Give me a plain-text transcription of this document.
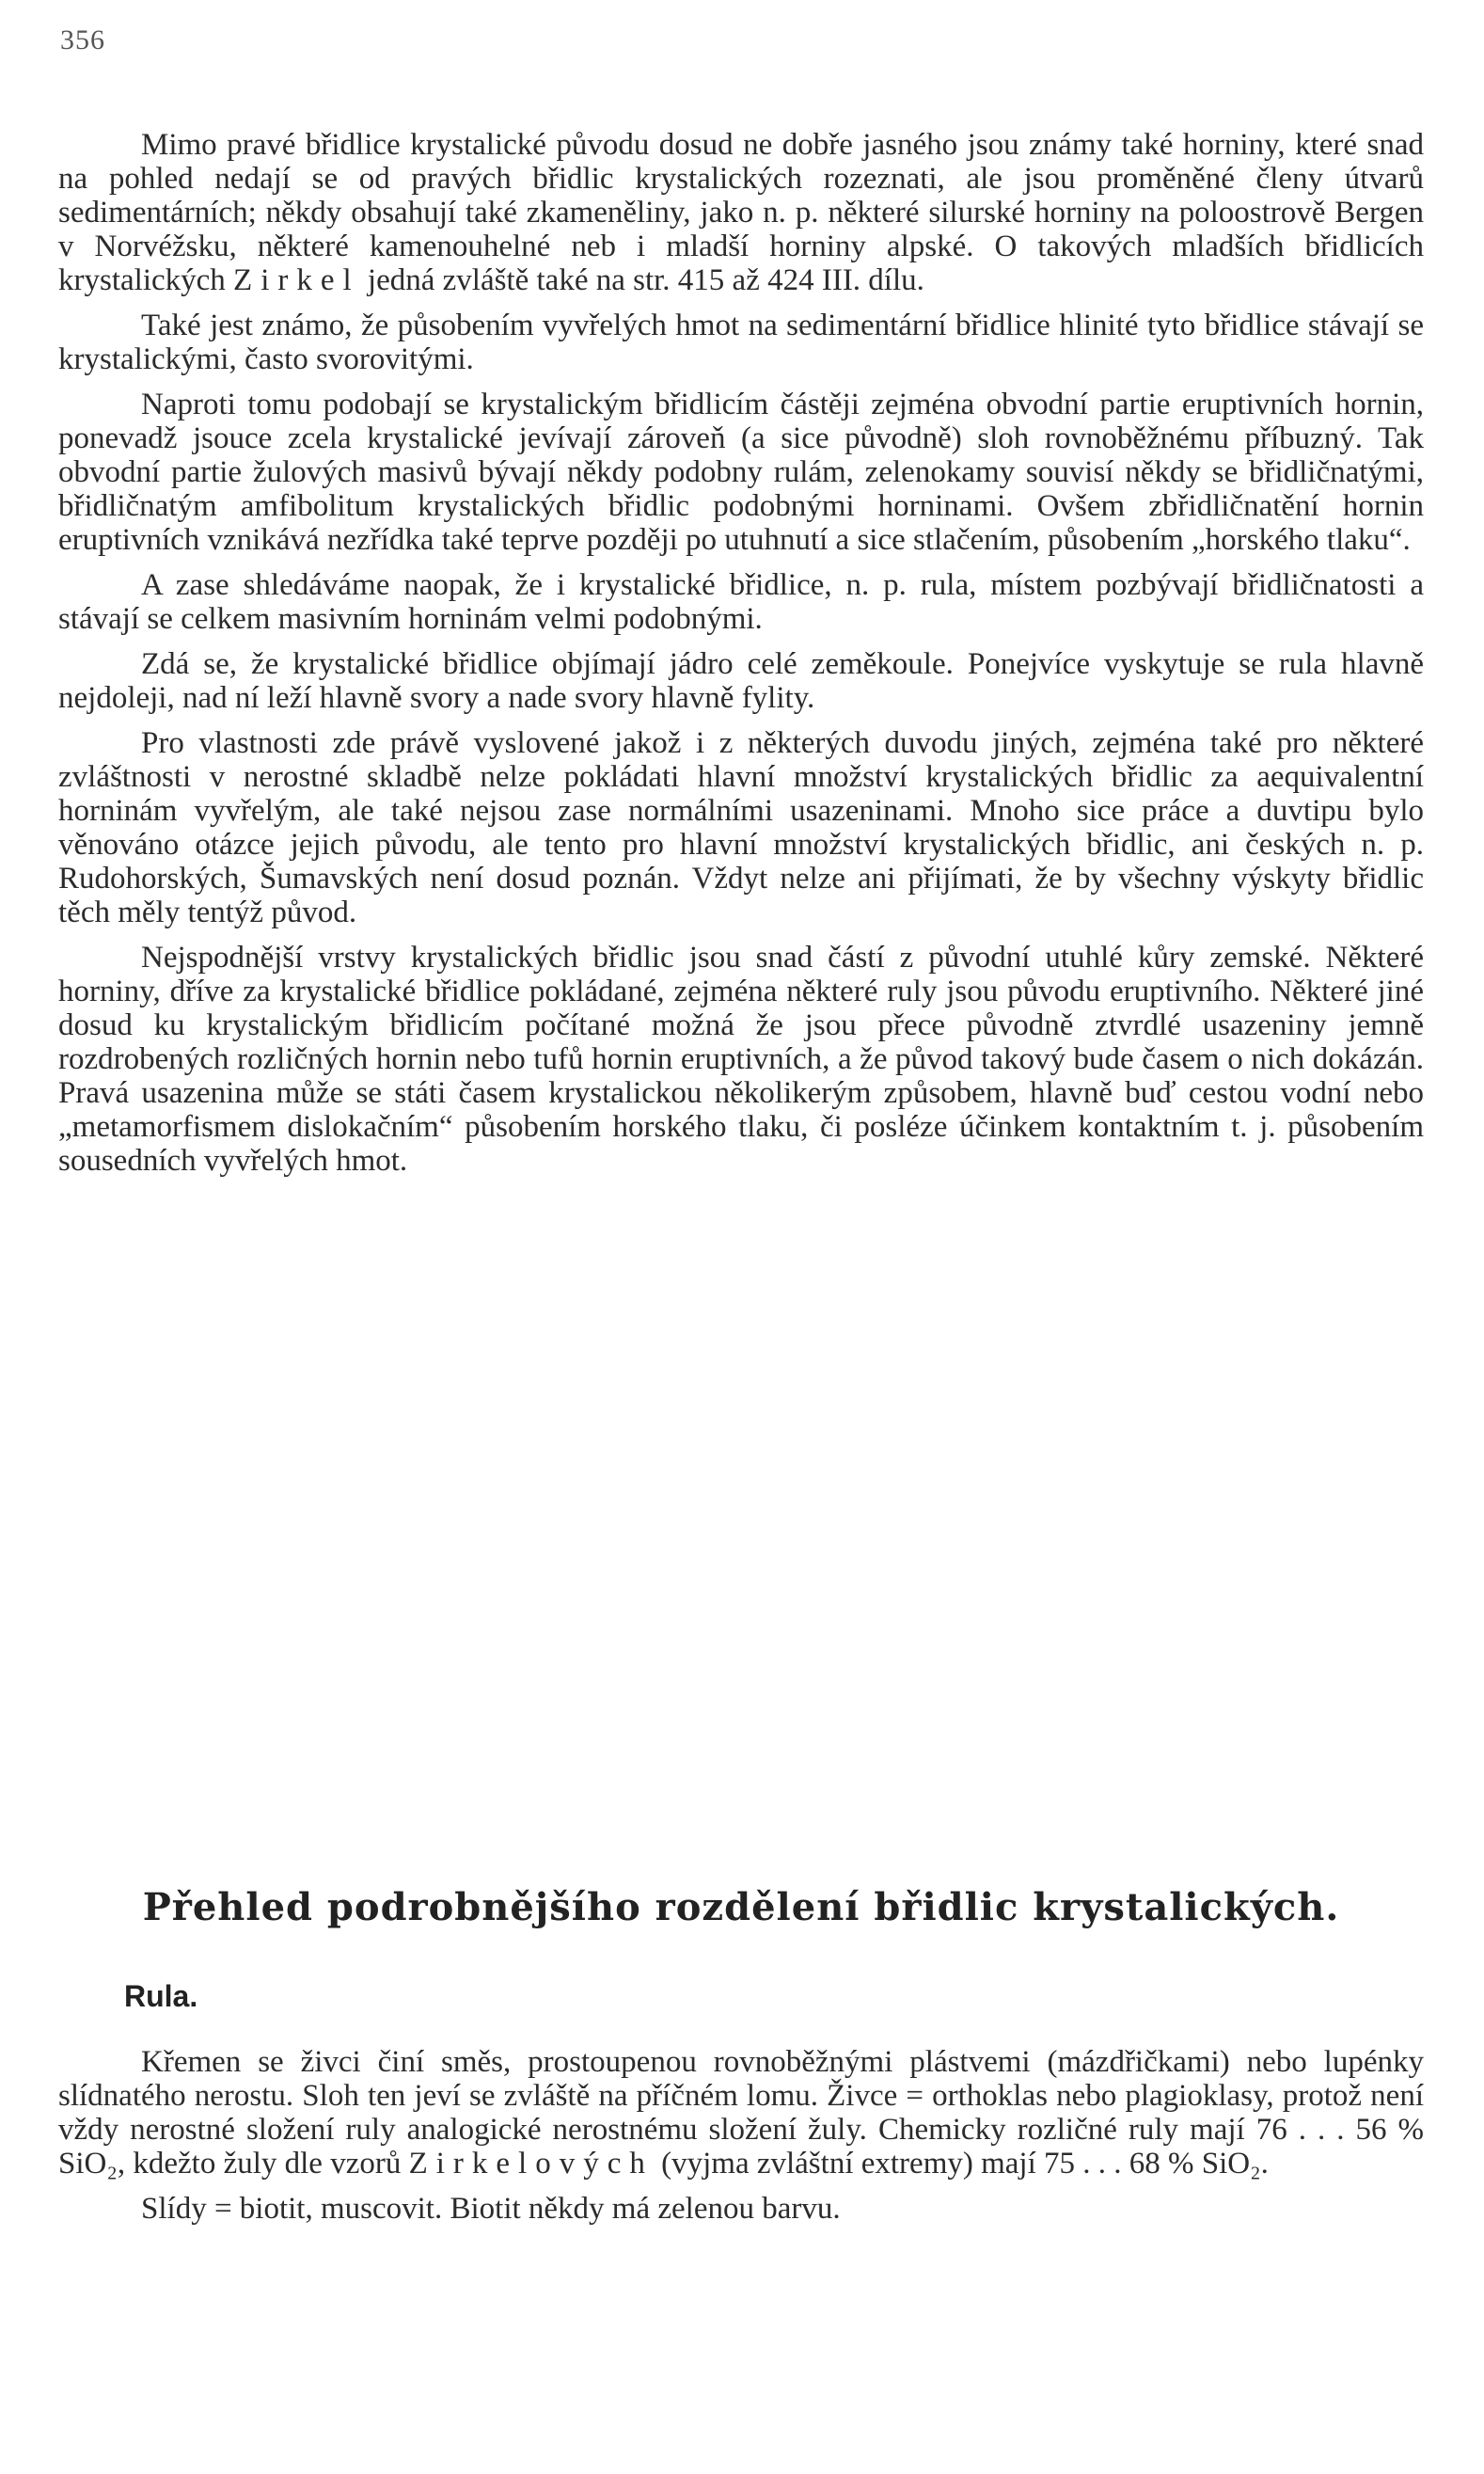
356

Mimo pravé břidlice krystalické původu dosud ne dobře jasného jsou známy také horniny, které snad na pohled nedají se od pravých břidlic krystalických rozeznati, ale jsou proměněné členy útvarů sedimentárních; někdy obsahují také zkameněliny, jako n. p. některé silurské horniny na poloostrově Bergen v Norvéžsku, některé kamenouhelné neb i mladší horniny alpské. O takových mladších břidlicích krystalických Zirkel jedná zvláště také na str. 415 až 424 III. dílu.

Také jest známo, že působením vyvřelých hmot na sedimentární břidlice hlinité tyto břidlice stávají se krystalickými, často svorovitými.

Naproti tomu podobají se krystalickým břidlicím částěji zejména obvodní partie eruptivních hornin, ponevadž jsouce zcela krystalické jevívají zároveň (a sice původně) sloh rovnoběžnému příbuzný. Tak obvodní partie žulových masivů bývají někdy podobny rulám, zelenokamy souvisí někdy se břidličnatými, břidličnatým amfibolitum krystalických břidlic podobnými horninami. Ovšem zbřidličnatění hornin eruptivních vznikává nezřídka také teprve později po utuhnutí a sice stlačením, působením „horského tlaku“.

A zase shledáváme naopak, že i krystalické břidlice, n. p. rula, místem pozbývají břidličnatosti a stávají se celkem masivním horninám velmi podobnými.

Zdá se, že krystalické břidlice objímají jádro celé zeměkoule. Ponejvíce vyskytuje se rula hlavně nejdoleji, nad ní leží hlavně svory a nade svory hlavně fylity.

Pro vlastnosti zde právě vyslovené jakož i z některých duvodu jiných, zejména také pro některé zvláštnosti v nerostné skladbě nelze pokládati hlavní množství krystalických břidlic za aequivalentní horninám vyvřelým, ale také nejsou zase normálními usazeninami. Mnoho sice práce a duvtipu bylo věnováno otázce jejich původu, ale tento pro hlavní množství krystalických břidlic, ani českých n. p. Rudohorských, Šumavských není dosud poznán. Vždyt nelze ani přijímati, že by všechny výskyty břidlic těch měly tentýž původ.

Nejspodnější vrstvy krystalických břidlic jsou snad částí z původní utuhlé kůry zemské. Některé horniny, dříve za krystalické břidlice pokládané, zejména některé ruly jsou původu eruptivního. Některé jiné dosud ku krystalickým břidlicím počítané možná že jsou přece původně ztvrdlé usazeniny jemně rozdrobených rozličných hornin nebo tufů hornin eruptivních, a že původ takový bude časem o nich dokázán. Pravá usazenina může se státi časem krystalickou několikerým způsobem, hlavně buď cestou vodní nebo „metamorfismem dislokačním“ působením horského tlaku, či posléze účinkem kontaktním t. j. působením sousedních vyvřelých hmot.

Přehled podrobnějšího rozdělení břidlic krystalických.
Rula.

Křemen se živci činí směs, prostoupenou rovnoběžnými plástvemi (mázdřičkami) nebo lupénky slídnatého nerostu. Sloh ten jeví se zvláště na příčném lomu. Živce = orthoklas nebo plagioklasy, protož není vždy nerostné složení ruly analogické nerostnému složení žuly. Chemicky rozličné ruly mají 76 . . . 56 % SiO₂, kdežto žuly dle vzorů Zirkelových (vyjma zvláštní extremy) mají 75 . . . 68 % SiO₂.

Slídy = biotit, muscovit. Biotit někdy má zelenou barvu.
